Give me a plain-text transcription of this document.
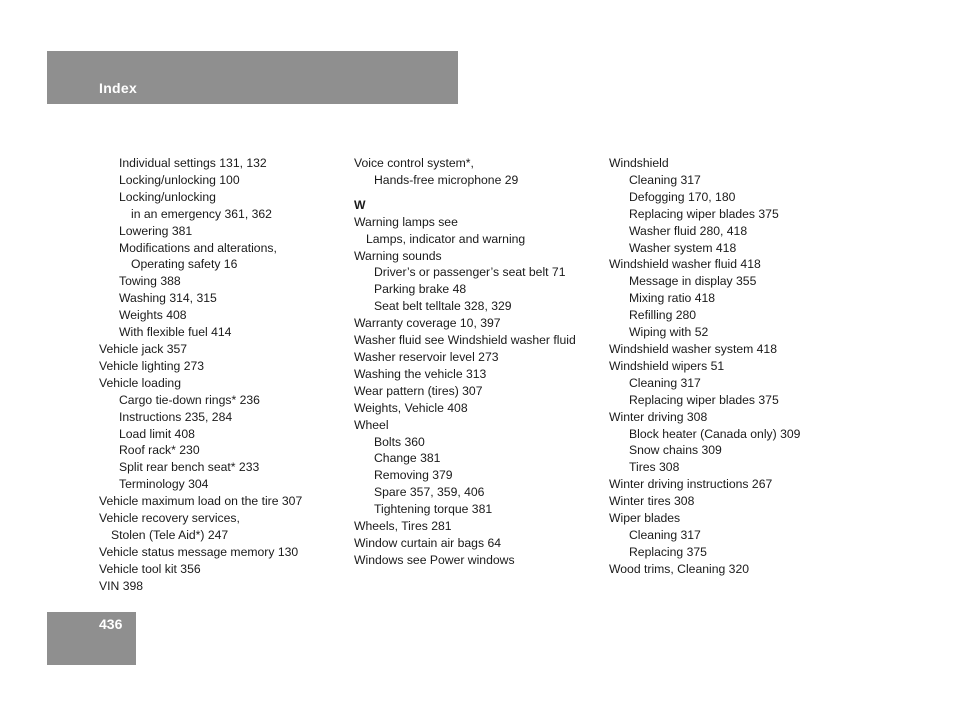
Index
Individual settings 131, 132
Locking/unlocking 100
Locking/unlocking
in an emergency 361, 362
Lowering 381
Modifications and alterations,
Operating safety 16
Towing 388
Washing 314, 315
Weights 408
With flexible fuel 414
Vehicle jack 357
Vehicle lighting 273
Vehicle loading
Cargo tie-down rings* 236
Instructions 235, 284
Load limit 408
Roof rack* 230
Split rear bench seat* 233
Terminology 304
Vehicle maximum load on the tire 307
Vehicle recovery services,
Stolen (Tele Aid*) 247
Vehicle status message memory 130
Vehicle tool kit 356
VIN 398
Voice control system*,
Hands-free microphone 29
W
Warning lamps see
Lamps, indicator and warning
Warning sounds
Driver’s or passenger’s seat belt 71
Parking brake 48
Seat belt telltale 328, 329
Warranty coverage 10, 397
Washer fluid see Windshield washer fluid
Washer reservoir level 273
Washing the vehicle 313
Wear pattern (tires) 307
Weights, Vehicle 408
Wheel
Bolts 360
Change 381
Removing 379
Spare 357, 359, 406
Tightening torque 381
Wheels, Tires 281
Window curtain air bags 64
Windows see Power windows
Windshield
Cleaning 317
Defogging 170, 180
Replacing wiper blades 375
Washer fluid 280, 418
Washer system 418
Windshield washer fluid 418
Message in display 355
Mixing ratio 418
Refilling 280
Wiping with 52
Windshield washer system 418
Windshield wipers 51
Cleaning 317
Replacing wiper blades 375
Winter driving 308
Block heater (Canada only) 309
Snow chains 309
Tires 308
Winter driving instructions 267
Winter tires 308
Wiper blades
Cleaning 317
Replacing 375
Wood trims, Cleaning 320
436
